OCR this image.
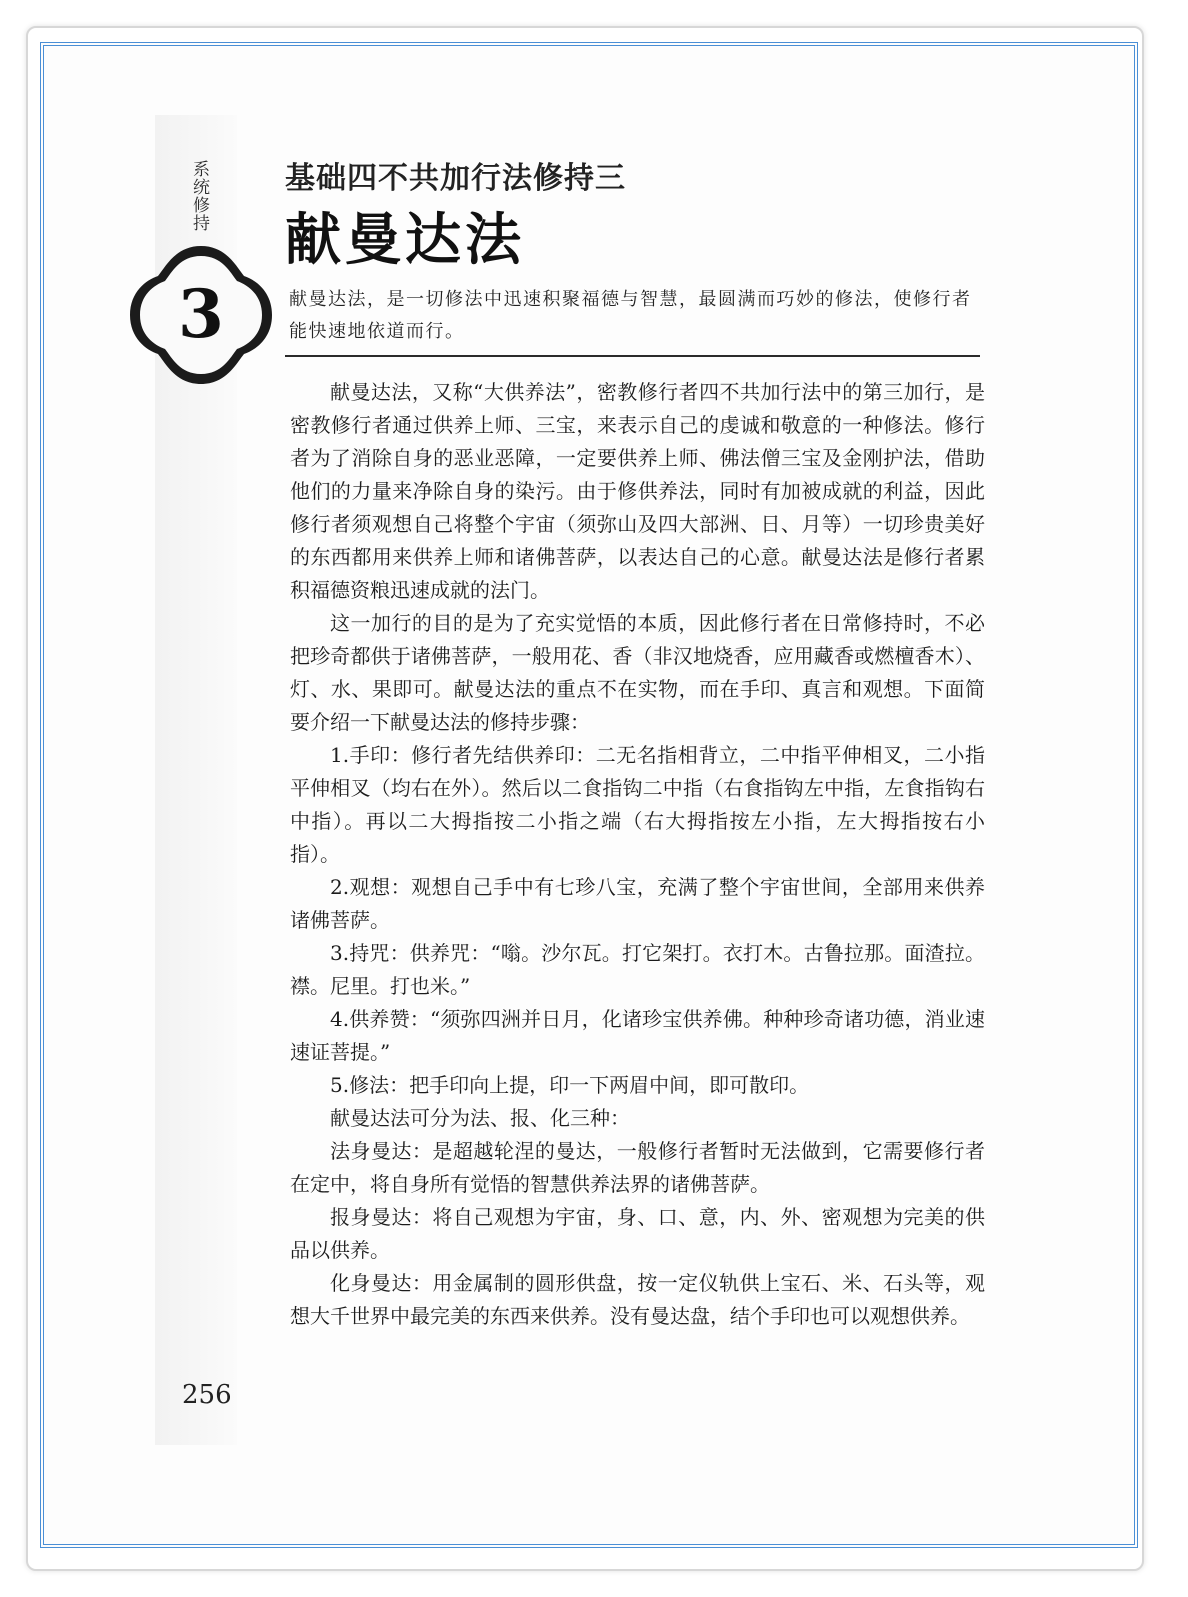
系统修持
3
基础四不共加行法修持三
献曼达法
献曼达法，是一切修法中迅速积聚福德与智慧，最圆满而巧妙的修法，使修行者能快速地依道而行。

献曼达法，又称“大供养法”，密教修行者四不共加行法中的第三加行，是密教修行者通过供养上师、三宝，来表示自己的虔诚和敬意的一种修法。修行者为了消除自身的恶业恶障，一定要供养上师、佛法僧三宝及金刚护法，借助他们的力量来净除自身的染污。由于修供养法，同时有加被成就的利益，因此修行者须观想自己将整个宇宙（须弥山及四大部洲、日、月等）一切珍贵美好的东西都用来供养上师和诸佛菩萨，以表达自己的心意。献曼达法是修行者累积福德资粮迅速成就的法门。

这一加行的目的是为了充实觉悟的本质，因此修行者在日常修持时，不必把珍奇都供于诸佛菩萨，一般用花、香（非汉地烧香，应用藏香或燃檀香木）、灯、水、果即可。献曼达法的重点不在实物，而在手印、真言和观想。下面简要介绍一下献曼达法的修持步骤：

1.手印：修行者先结供养印：二无名指相背立，二中指平伸相叉，二小指平伸相叉（均右在外）。然后以二食指钩二中指（右食指钩左中指，左食指钩右中指）。再以二大拇指按二小指之端（右大拇指按左小指，左大拇指按右小指）。

2.观想：观想自己手中有七珍八宝，充满了整个宇宙世间，全部用来供养诸佛菩萨。

3.持咒：供养咒：“嗡。沙尔瓦。打它架打。衣打木。古鲁拉那。面渣拉。襟。尼里。打也米。”

4.供养赞：“须弥四洲并日月，化诸珍宝供养佛。种种珍奇诸功德，消业速速证菩提。”

5.修法：把手印向上提，印一下两眉中间，即可散印。

献曼达法可分为法、报、化三种：

法身曼达：是超越轮涅的曼达，一般修行者暂时无法做到，它需要修行者在定中，将自身所有觉悟的智慧供养法界的诸佛菩萨。

报身曼达：将自己观想为宇宙，身、口、意，内、外、密观想为完美的供品以供养。

化身曼达：用金属制的圆形供盘，按一定仪轨供上宝石、米、石头等，观想大千世界中最完美的东西来供养。没有曼达盘，结个手印也可以观想供养。

256
